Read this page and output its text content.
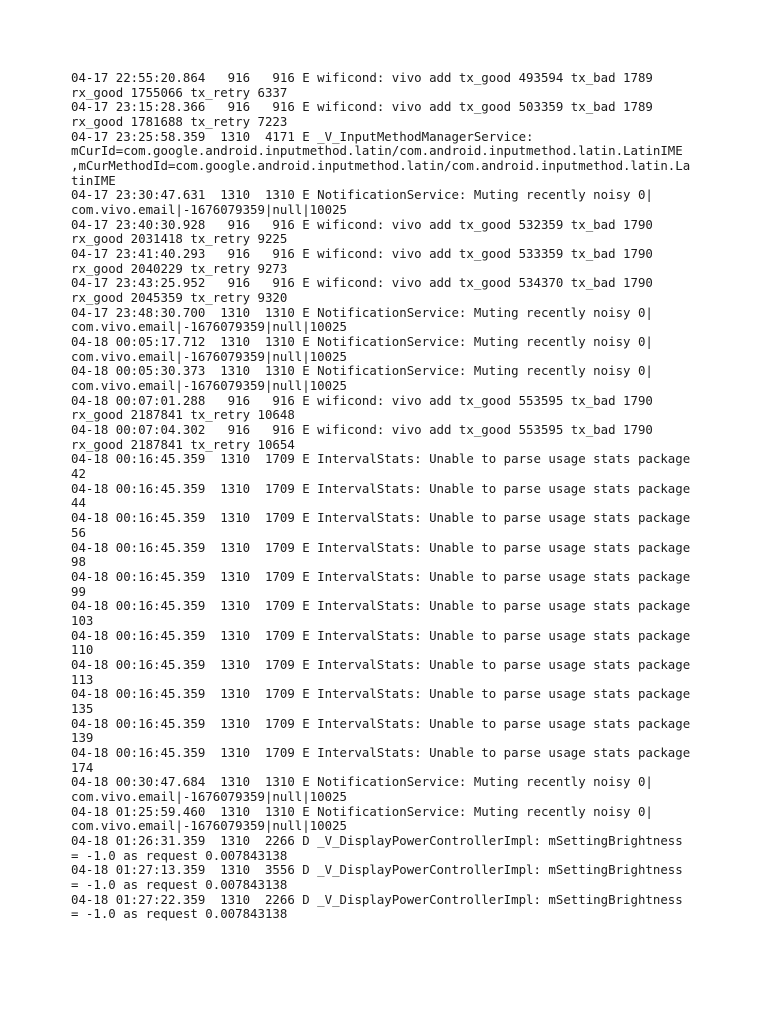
04-17 22:55:20.864   916   916 E wificond: vivo add tx_good 493594 tx_bad 1789
rx_good 1755066 tx_retry 6337
04-17 23:15:28.366   916   916 E wificond: vivo add tx_good 503359 tx_bad 1789
rx_good 1781688 tx_retry 7223
04-17 23:25:58.359  1310  4171 E _V_InputMethodManagerService:
mCurId=com.google.android.inputmethod.latin/com.android.inputmethod.latin.LatinIME
,mCurMethodId=com.google.android.inputmethod.latin/com.android.inputmethod.latin.La
tinIME
04-17 23:30:47.631  1310  1310 E NotificationService: Muting recently noisy 0|
com.vivo.email|-1676079359|null|10025
04-17 23:40:30.928   916   916 E wificond: vivo add tx_good 532359 tx_bad 1790
rx_good 2031418 tx_retry 9225
04-17 23:41:40.293   916   916 E wificond: vivo add tx_good 533359 tx_bad 1790
rx_good 2040229 tx_retry 9273
04-17 23:43:25.952   916   916 E wificond: vivo add tx_good 534370 tx_bad 1790
rx_good 2045359 tx_retry 9320
04-17 23:48:30.700  1310  1310 E NotificationService: Muting recently noisy 0|
com.vivo.email|-1676079359|null|10025
04-18 00:05:17.712  1310  1310 E NotificationService: Muting recently noisy 0|
com.vivo.email|-1676079359|null|10025
04-18 00:05:30.373  1310  1310 E NotificationService: Muting recently noisy 0|
com.vivo.email|-1676079359|null|10025
04-18 00:07:01.288   916   916 E wificond: vivo add tx_good 553595 tx_bad 1790
rx_good 2187841 tx_retry 10648
04-18 00:07:04.302   916   916 E wificond: vivo add tx_good 553595 tx_bad 1790
rx_good 2187841 tx_retry 10654
04-18 00:16:45.359  1310  1709 E IntervalStats: Unable to parse usage stats package
42
04-18 00:16:45.359  1310  1709 E IntervalStats: Unable to parse usage stats package
44
04-18 00:16:45.359  1310  1709 E IntervalStats: Unable to parse usage stats package
56
04-18 00:16:45.359  1310  1709 E IntervalStats: Unable to parse usage stats package
98
04-18 00:16:45.359  1310  1709 E IntervalStats: Unable to parse usage stats package
99
04-18 00:16:45.359  1310  1709 E IntervalStats: Unable to parse usage stats package
103
04-18 00:16:45.359  1310  1709 E IntervalStats: Unable to parse usage stats package
110
04-18 00:16:45.359  1310  1709 E IntervalStats: Unable to parse usage stats package
113
04-18 00:16:45.359  1310  1709 E IntervalStats: Unable to parse usage stats package
135
04-18 00:16:45.359  1310  1709 E IntervalStats: Unable to parse usage stats package
139
04-18 00:16:45.359  1310  1709 E IntervalStats: Unable to parse usage stats package
174
04-18 00:30:47.684  1310  1310 E NotificationService: Muting recently noisy 0|
com.vivo.email|-1676079359|null|10025
04-18 01:25:59.460  1310  1310 E NotificationService: Muting recently noisy 0|
com.vivo.email|-1676079359|null|10025
04-18 01:26:31.359  1310  2266 D _V_DisplayPowerControllerImpl: mSettingBrightness
= -1.0 as request 0.007843138
04-18 01:27:13.359  1310  3556 D _V_DisplayPowerControllerImpl: mSettingBrightness
= -1.0 as request 0.007843138
04-18 01:27:22.359  1310  2266 D _V_DisplayPowerControllerImpl: mSettingBrightness
= -1.0 as request 0.007843138
